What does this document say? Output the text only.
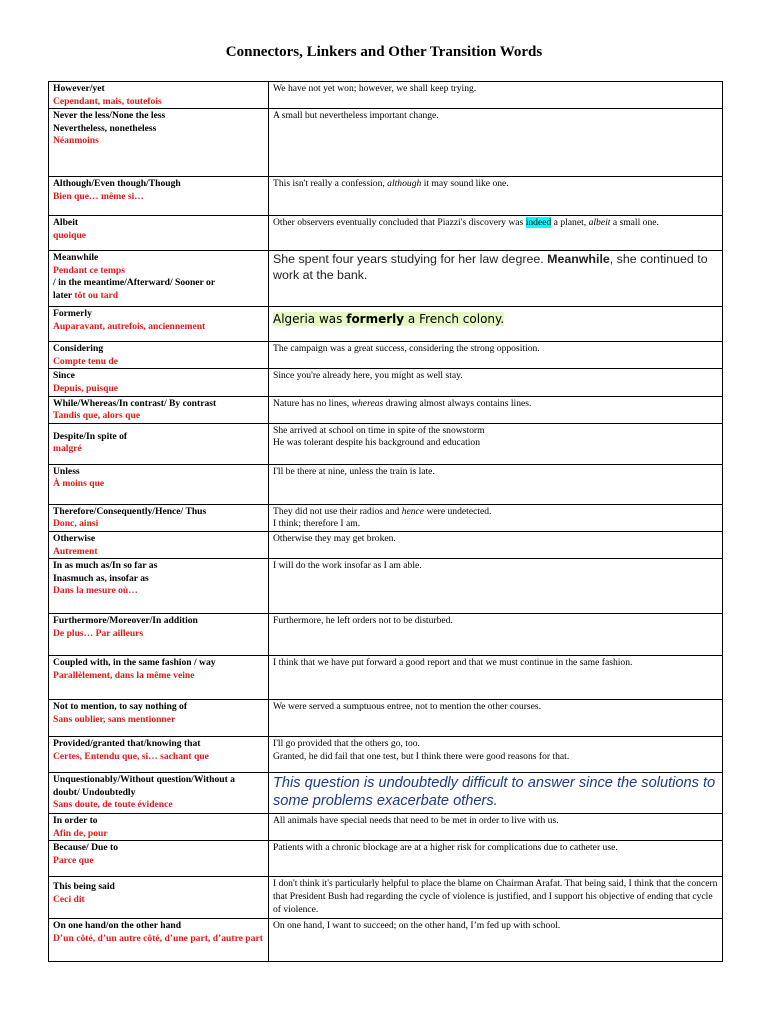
Connectors, Linkers and Other Transition Words
However/yet
Cependant, mais, toutefois	We have not yet won; however, we shall keep trying.

Never the less/None the less
Nevertheless, nonetheless
Néanmoins	A small but nevertheless important change.

Although/Even though/Though
Bien que… même si…	This isn't really a confession, although it may sound like one.

Albeit
quoique	Other observers eventually concluded that Piazzi's discovery was indeed a planet, albeit a small one.

Meanwhile
Pendant ce temps
/ in the meantime/Afterward/ Sooner or
later tôt ou tard	She spent four years studying for her law degree. Meanwhile, she continued to work at the bank.

Formerly
Auparavant, autrefois, anciennement	Algeria was formerly a French colony.

Considering
Compte tenu de	The campaign was a great success, considering the strong opposition.

Since
Depuis, puisque	Since you're already here, you might as well stay.

While/Whereas/In contrast/ By contrast
Tandis que, alors que	Nature has no lines, whereas drawing almost always contains lines.

Despite/In spite of
malgré	She arrived at school on time in spite of the snowstorm
He was tolerant despite his background and education

Unless
À moins que	I'll be there at nine, unless the train is late.

Therefore/Consequently/Hence/ Thus
Donc, ainsi	They did not use their radios and hence were undetected.
I think; therefore I am.

Otherwise
Autrement	Otherwise they may get broken.

In as much as/In so far as
Inasmuch as, insofar as
Dans la mesure où…	I will do the work insofar as I am able.

Furthermore/Moreover/In addition
De plus… Par ailleurs	Furthermore, he left orders not to be disturbed.

Coupled with, in the same fashion / way
Parallèlement, dans la même veine	I think that we have put forward a good report and that we must continue in the same fashion.

Not to mention, to say nothing of
Sans oublier, sans mentionner	We were served a sumptuous entree, not to mention the other courses.

Provided/granted that/knowing that
Certes, Entendu que, si… sachant que	I'll go provided that the others go, too.
Granted, he did fail that one test, but I think there were good reasons for that.

Unquestionably/Without question/Without a doubt/ Undoubtedly
Sans doute, de toute évidence	This question is undoubtedly difficult to answer since the solutions to some problems exacerbate others.

In order to
Afin de, pour	All animals have special needs that need to be met in order to live with us.

Because/ Due to
Parce que	Patients with a chronic blockage are at a higher risk for complications due to catheter use.

This being said
Ceci dit	I don't think it's particularly helpful to place the blame on Chairman Arafat. That being said, I think that the concern that President Bush had regarding the cycle of violence is justified, and I support his objective of ending that cycle of violence.

On one hand/on the other hand
D’un côté, d’un autre côté, d’une part, d’autre part	On one hand, I want to succeed; on the other hand, I’m fed up with school.
